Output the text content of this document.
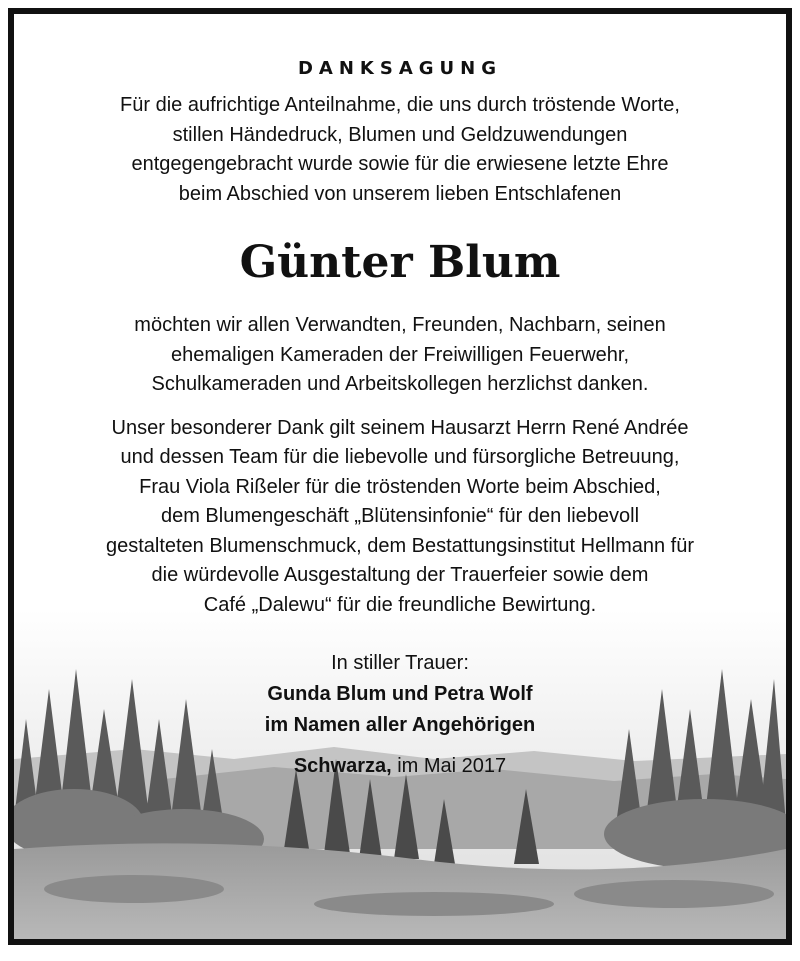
DANKSAGUNG
Für die aufrichtige Anteilnahme, die uns durch tröstende Worte,
stillen Händedruck, Blumen und Geldzuwendungen
entgegengebracht wurde sowie für die erwiesene letzte Ehre
beim Abschied von unserem lieben Entschlafenen
Günter Blum
möchten wir allen Verwandten, Freunden, Nachbarn, seinen
ehemaligen Kameraden der Freiwilligen Feuerwehr,
Schulkameraden und Arbeitskollegen herzlichst danken.
Unser besonderer Dank gilt seinem Hausarzt Herrn René Andrée
und dessen Team für die liebevolle und fürsorgliche Betreuung,
Frau Viola Rißeler für die tröstenden Worte beim Abschied,
dem Blumengeschäft „Blütensinfonie“ für den liebevoll
gestalteten Blumenschmuck, dem Bestattungsinstitut Hellmann für
die würdevolle Ausgestaltung der Trauerfeier sowie dem
Café „Dalewu“ für die freundliche Bewirtung.
In stiller Trauer:
Gunda Blum und Petra Wolf
im Namen aller Angehörigen
Schwarza, im Mai 2017
